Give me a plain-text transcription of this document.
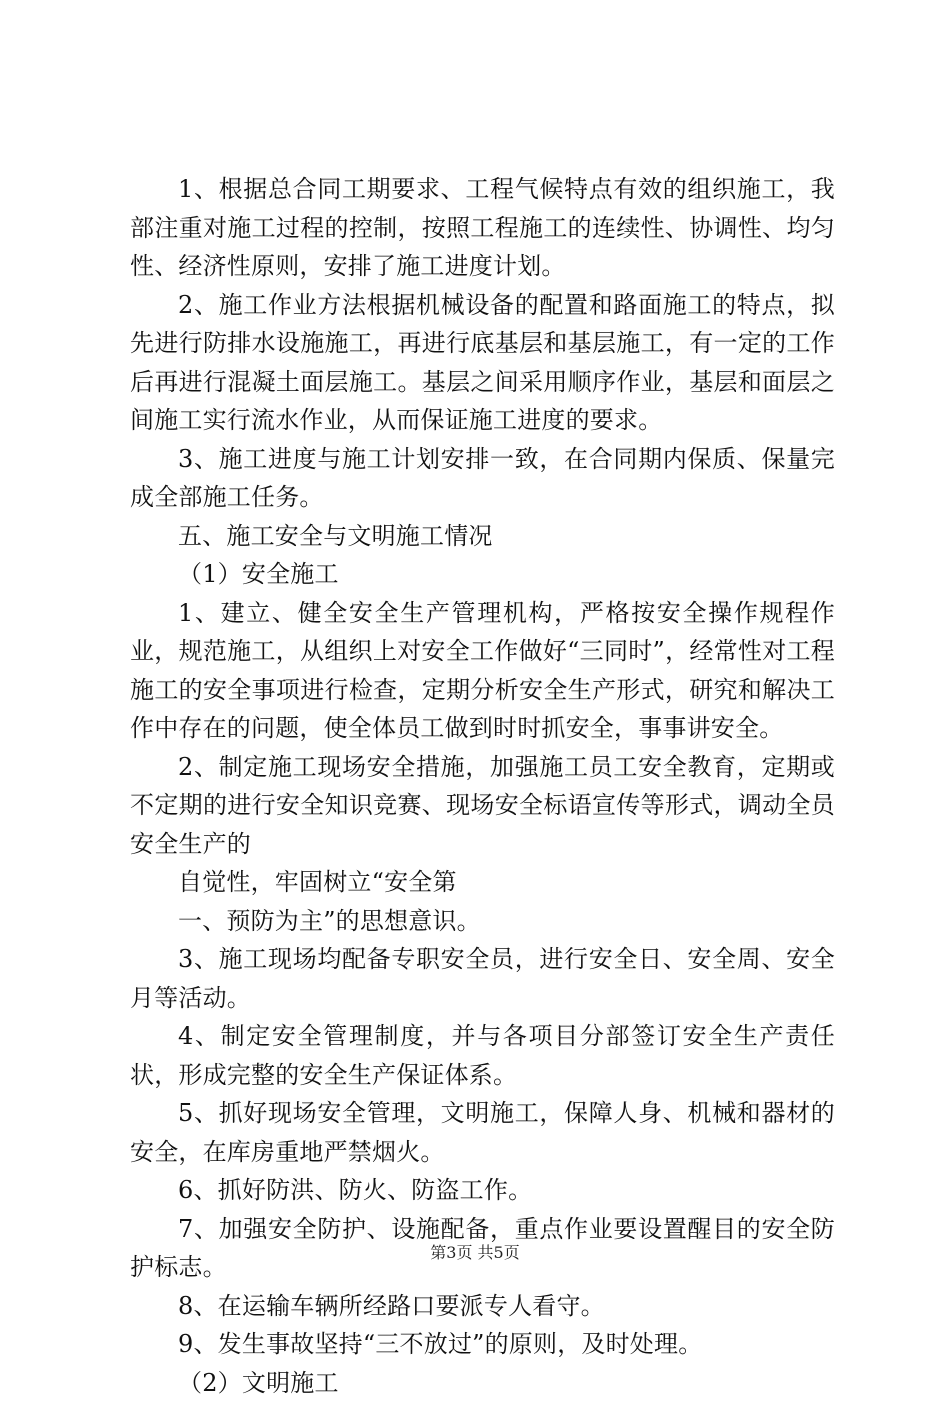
1、根据总合同工期要求、工程气候特点有效的组织施工，我部注重对施工过程的控制，按照工程施工的连续性、协调性、均匀性、经济性原则，安排了施工进度计划。

2、施工作业方法根据机械设备的配置和路面施工的特点，拟先进行防排水设施施工，再进行底基层和基层施工，有一定的工作后再进行混凝土面层施工。基层之间采用顺序作业，基层和面层之间施工实行流水作业，从而保证施工进度的要求。

3、施工进度与施工计划安排一致，在合同期内保质、保量完成全部施工任务。

五、施工安全与文明施工情况

（1）安全施工

1、建立、健全安全生产管理机构，严格按安全操作规程作业，规范施工，从组织上对安全工作做好“三同时”，经常性对工程施工的安全事项进行检查，定期分析安全生产形式，研究和解决工作中存在的问题，使全体员工做到时时抓安全，事事讲安全。

2、制定施工现场安全措施，加强施工员工安全教育，定期或不定期的进行安全知识竞赛、现场安全标语宣传等形式，调动全员安全生产的

自觉性，牢固树立“安全第

一、预防为主”的思想意识。

3、施工现场均配备专职安全员，进行安全日、安全周、安全月等活动。

4、制定安全管理制度，并与各项目分部签订安全生产责任状，形成完整的安全生产保证体系。

5、抓好现场安全管理，文明施工，保障人身、机械和器材的安全，在库房重地严禁烟火。

6、抓好防洪、防火、防盗工作。

7、加强安全防护、设施配备，重点作业要设置醒目的安全防护标志。

8、在运输车辆所经路口要派专人看守。

9、发生事故坚持“三不放过”的原则，及时处理。

（2）文明施工

第3页 共5页
